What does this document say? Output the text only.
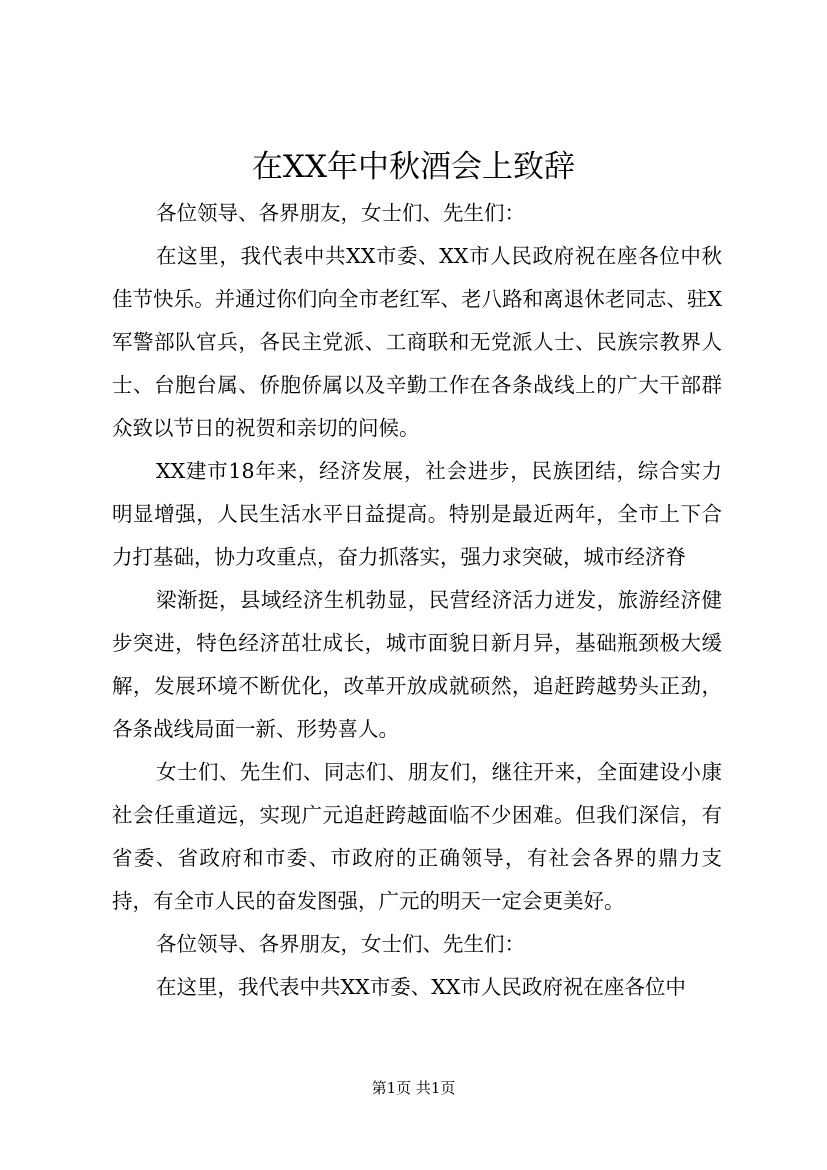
在XX年中秋酒会上致辞

各位领导、各界朋友，女士们、先生们：

在这里，我代表中共XX市委、XX市人民政府祝在座各位中秋佳节快乐。并通过你们向全市老红军、老八路和离退休老同志、驻X军警部队官兵，各民主党派、工商联和无党派人士、民族宗教界人士、台胞台属、侨胞侨属以及辛勤工作在各条战线上的广大干部群众致以节日的祝贺和亲切的问候。

XX建市18年来，经济发展，社会进步，民族团结，综合实力明显增强，人民生活水平日益提高。特别是最近两年，全市上下合力打基础，协力攻重点，奋力抓落实，强力求突破，城市经济脊

梁渐挺，县域经济生机勃显，民营经济活力迸发，旅游经济健步突进，特色经济茁壮成长，城市面貌日新月异，基础瓶颈极大缓解，发展环境不断优化，改革开放成就硕然，追赶跨越势头正劲，各条战线局面一新、形势喜人。

女士们、先生们、同志们、朋友们，继往开来，全面建设小康社会任重道远，实现广元追赶跨越面临不少困难。但我们深信，有省委、省政府和市委、市政府的正确领导，有社会各界的鼎力支持，有全市人民的奋发图强，广元的明天一定会更美好。

各位领导、各界朋友，女士们、先生们：

在这里，我代表中共XX市委、XX市人民政府祝在座各位中

第1页 共1页
